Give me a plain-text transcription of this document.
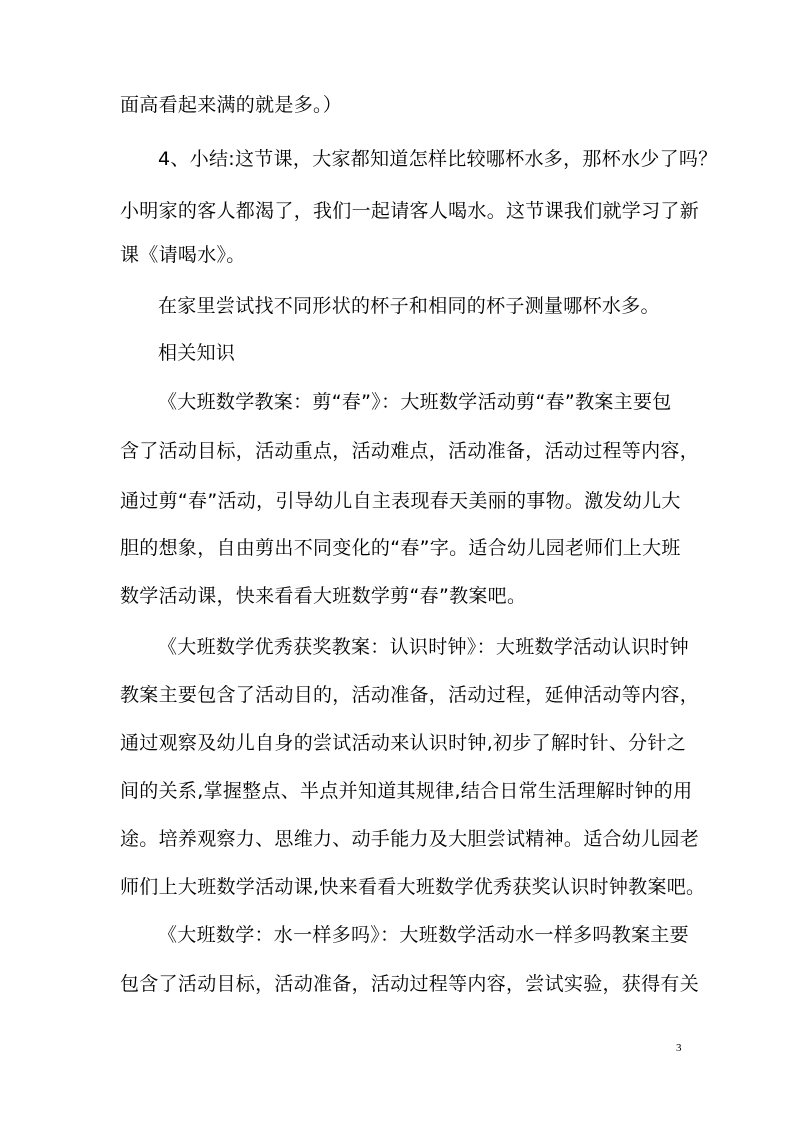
面高看起来满的就是多。）
4、小结:这节课，大家都知道怎样比较哪杯水多，那杯水少了吗？
小明家的客人都渴了，我们一起请客人喝水。这节课我们就学习了新
课《请喝水》。
在家里尝试找不同形状的杯子和相同的杯子测量哪杯水多。
相关知识
《大班数学教案：剪“春”》：大班数学活动剪“春”教案主要包
含了活动目标，活动重点，活动难点，活动准备，活动过程等内容，
通过剪“春”活动，引导幼儿自主表现春天美丽的事物。激发幼儿大
胆的想象，自由剪出不同变化的“春”字。适合幼儿园老师们上大班
数学活动课，快来看看大班数学剪“春”教案吧。
《大班数学优秀获奖教案：认识时钟》：大班数学活动认识时钟
教案主要包含了活动目的，活动准备，活动过程，延伸活动等内容，
通过观察及幼儿自身的尝试活动来认识时钟,初步了解时针、分针之
间的关系,掌握整点、半点并知道其规律,结合日常生活理解时钟的用
途。培养观察力、思维力、动手能力及大胆尝试精神。适合幼儿园老
师们上大班数学活动课,快来看看大班数学优秀获奖认识时钟教案吧。
《大班数学：水一样多吗》：大班数学活动水一样多吗教案主要
包含了活动目标，活动准备，活动过程等内容，尝试实验，获得有关
3
